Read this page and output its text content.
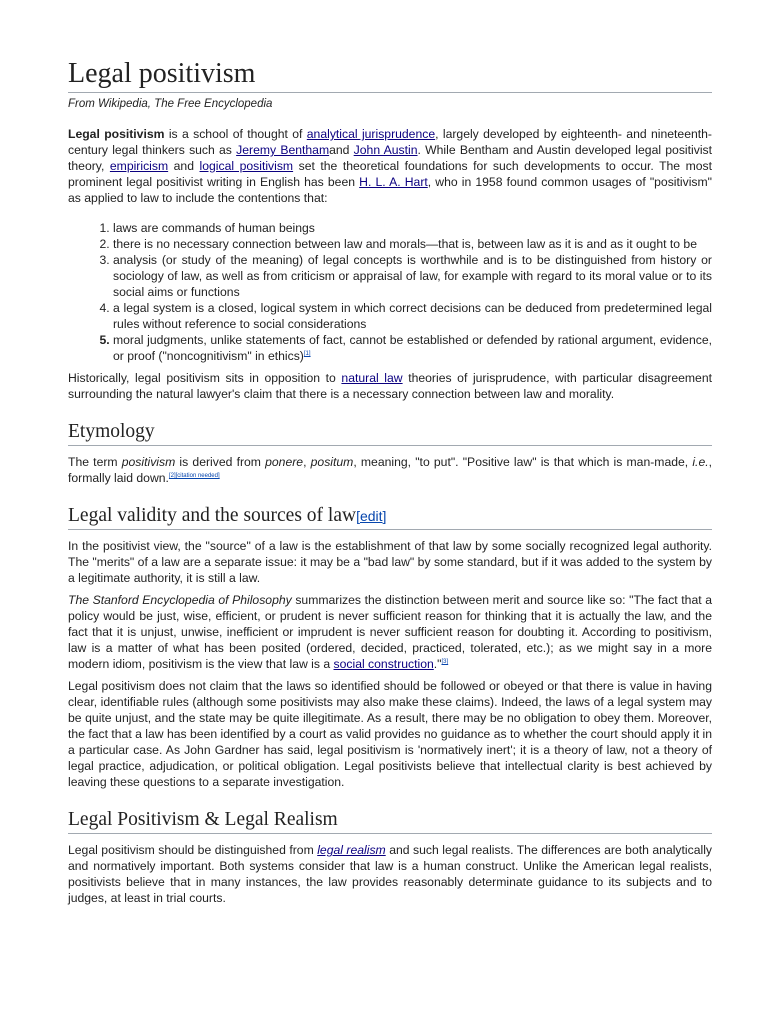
Legal positivism
From Wikipedia, The Free Encyclopedia

Legal positivism is a school of thought of analytical jurisprudence, largely developed by eighteenth- and nineteenth-century legal thinkers such as Jeremy Benthamand John Austin. While Bentham and Austin developed legal positivist theory, empiricism and logical positivism set the theoretical foundations for such developments to occur. The most prominent legal positivist writing in English has been H. L. A. Hart, who in 1958 found common usages of "positivism" as applied to law to include the contentions that:

1. laws are commands of human beings
2. there is no necessary connection between law and morals—that is, between law as it is and as it ought to be
3. analysis (or study of the meaning) of legal concepts is worthwhile and is to be distinguished from history or sociology of law, as well as from criticism or appraisal of law, for example with regard to its moral value or to its social aims or functions
4. a legal system is a closed, logical system in which correct decisions can be deduced from predetermined legal rules without reference to social considerations
5. moral judgments, unlike statements of fact, cannot be established or defended by rational argument, evidence, or proof ("noncognitivism" in ethics)[1]

Historically, legal positivism sits in opposition to natural law theories of jurisprudence, with particular disagreement surrounding the natural lawyer's claim that there is a necessary connection between law and morality.

Etymology

The term positivism is derived from ponere, positum, meaning, "to put". "Positive law" is that which is man-made, i.e., formally laid down.[2][citation needed]

Legal validity and the sources of law[edit]

In the positivist view, the "source" of a law is the establishment of that law by some socially recognized legal authority. The "merits" of a law are a separate issue: it may be a "bad law" by some standard, but if it was added to the system by a legitimate authority, it is still a law.

The Stanford Encyclopedia of Philosophy summarizes the distinction between merit and source like so: "The fact that a policy would be just, wise, efficient, or prudent is never sufficient reason for thinking that it is actually the law, and the fact that it is unjust, unwise, inefficient or imprudent is never sufficient reason for doubting it. According to positivism, law is a matter of what has been posited (ordered, decided, practiced, tolerated, etc.); as we might say in a more modern idiom, positivism is the view that law is a social construction."[3]

Legal positivism does not claim that the laws so identified should be followed or obeyed or that there is value in having clear, identifiable rules (although some positivists may also make these claims). Indeed, the laws of a legal system may be quite unjust, and the state may be quite illegitimate. As a result, there may be no obligation to obey them. Moreover, the fact that a law has been identified by a court as valid provides no guidance as to whether the court should apply it in a particular case. As John Gardner has said, legal positivism is 'normatively inert'; it is a theory of law, not a theory of legal practice, adjudication, or political obligation. Legal positivists believe that intellectual clarity is best achieved by leaving these questions to a separate investigation.

Legal Positivism & Legal Realism

Legal positivism should be distinguished from legal realism and such legal realists. The differences are both analytically and normatively important. Both systems consider that law is a human construct. Unlike the American legal realists, positivists believe that in many instances, the law provides reasonably determinate guidance to its subjects and to judges, at least in trial courts.
